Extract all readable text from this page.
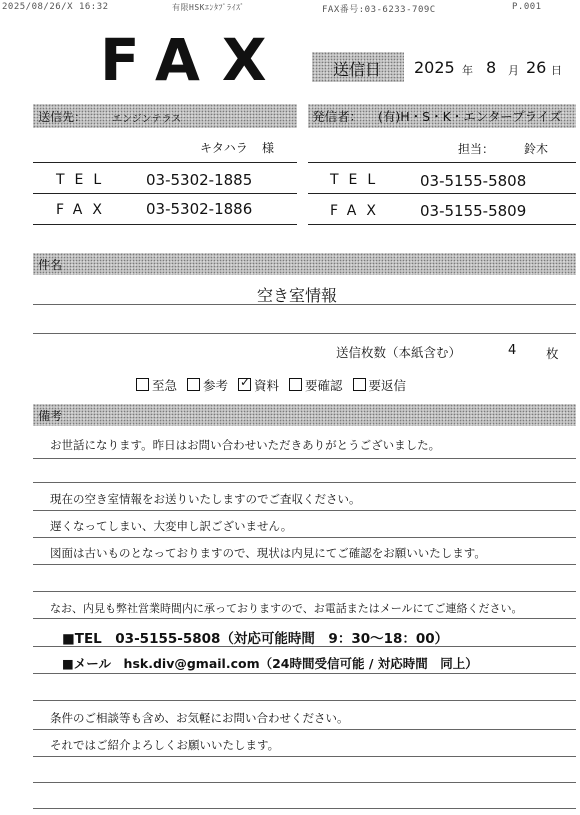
2025/08/26/X 16:32	有限HSKｴﾝﾀﾌﾟﾗｲｽﾞ	FAX番号:03-6233-709C	P.001
FAX	送信日 2025 年 8 月 26 日
送信先：	エンジンテラス	発信者： (有)H・S・K・エンタープライズ
キタハラ 様	担当： 鈴木
TEL 03-5302-1885	TEL 03-5155-5808
FAX 03-5302-1886	FAX 03-5155-5809
件名
空き室情報
送信枚数（本紙含む）	4 枚
至急 参考 ✓ 資料 要確認 要返信
備考
お世話になります。昨日はお問い合わせいただきありがとうございました。
現在の空き室情報をお送りいたしますのでご査収ください。
遅くなってしまい、大変申し訳ございません。
図面は古いものとなっておりますので、現状は内見にてご確認をお願いいたします。
なお、内見も弊社営業時間内に承っておりますので、お電話またはメールにてご連絡ください。
■TEL　03-5155-5808（対応可能時間　9：30～18：00）
■メール　hsk.div@gmail.com（24時間受信可能 / 対応時間　同上）
条件のご相談等も含め、お気軽にお問い合わせください。
それではご紹介よろしくお願いいたします。
